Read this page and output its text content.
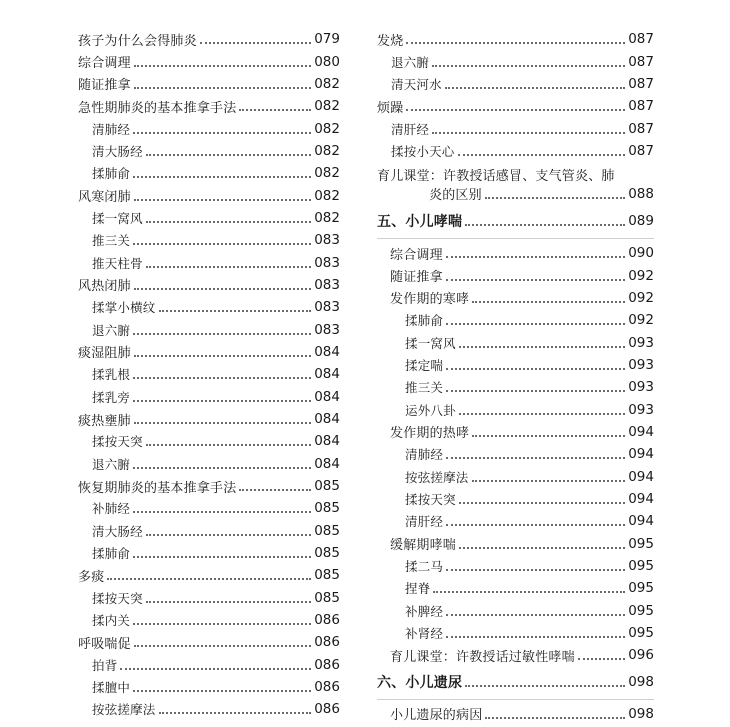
孩子为什么会得肺炎	079
综合调理	080
随证推拿	082
急性期肺炎的基本推拿手法	082
清肺经	082
清大肠经	082
揉肺俞	082
风寒闭肺	082
揉一窝风	082
推三关	083
推天柱骨	083
风热闭肺	083
揉掌小横纹	083
退六腑	083
痰湿阻肺	084
揉乳根	084
揉乳旁	084
痰热壅肺	084
揉按天突	084
退六腑	084
恢复期肺炎的基本推拿手法	085
补肺经	085
清大肠经	085
揉肺俞	085
多痰	085
揉按天突	085
揉内关	086
呼吸喘促	086
拍背	086
揉膻中	086
按弦搓摩法	086
发烧	087
退六腑	087
清天河水	087
烦躁	087
清肝经	087
揉按小天心	087
育儿课堂：许教授话感冒、支气管炎、肺
炎的区别	088
五、小儿哮喘	089
综合调理	090
随证推拿	092
发作期的寒哮	092
揉肺俞	092
揉一窝风	093
揉定喘	093
推三关	093
运外八卦	093
发作期的热哮	094
清肺经	094
按弦搓摩法	094
揉按天突	094
清肝经	094
缓解期哮喘	095
揉二马	095
捏脊	095
补脾经	095
补肾经	095
育儿课堂：许教授话过敏性哮喘	096
六、小儿遗尿	098
小儿遗尿的病因	098
